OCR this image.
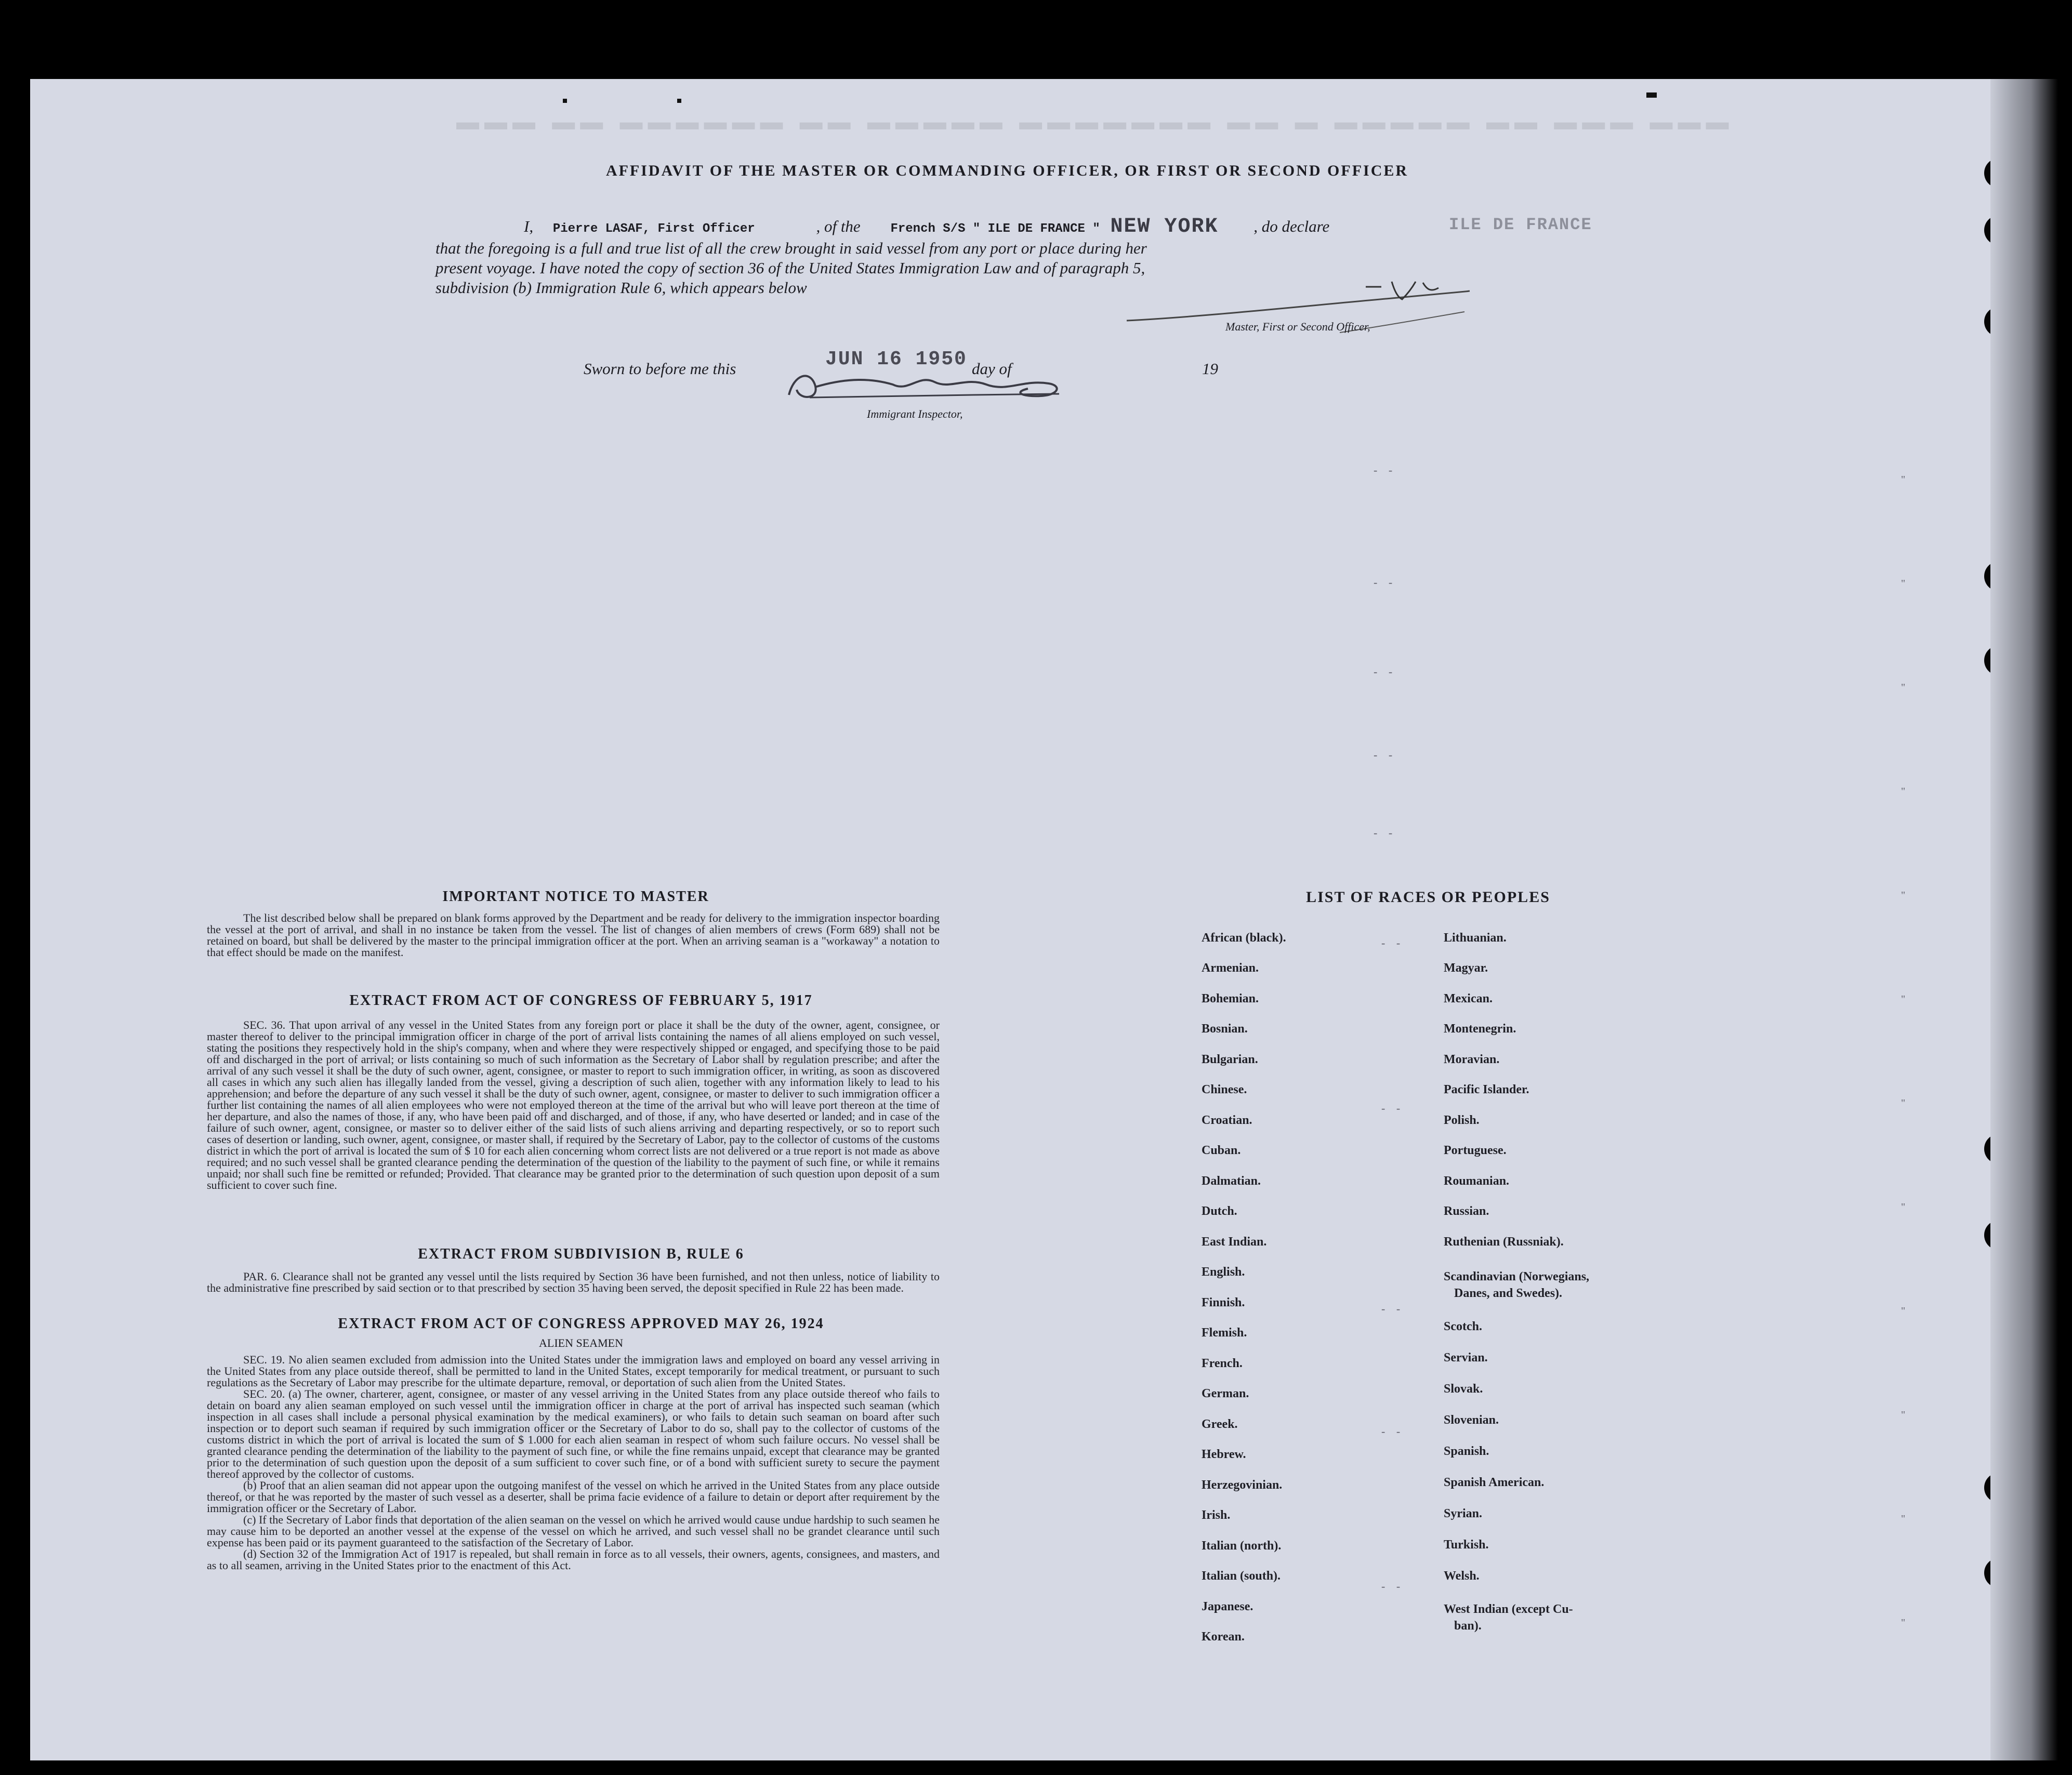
▬▬▬ ▬▬ ▬▬▬▬▬▬ ▬▬ ▬▬▬▬▬ ▬▬▬▬▬▬▬ ▬▬ ▬ ▬▬▬▬▬ ▬▬ ▬▬▬ ▬▬▬
AFFIDAVIT OF THE MASTER OR COMMANDING OFFICER, OR FIRST OR SECOND OFFICER
I, Pierre LASAF, First Officer	, of the French S/S " ILE DE FRANCE " NEW YORK , do declare	ILE DE FRANCE
that the foregoing is a full and true list of all the crew brought in said vessel from any port or place during her
present voyage. I have noted the copy of section 36 of the United States Immigration Law and of paragraph 5,
subdivision (b) Immigration Rule 6, which appears below
Master, First or Second Officer,
Sworn to before me this	JUN 16 1950 day of	19
Immigrant Inspector,
IMPORTANT NOTICE TO MASTER

The list described below shall be prepared on blank forms approved by the Department and be ready for delivery to the immigration inspector boarding the vessel at the port of arrival, and shall in no instance be taken from the vessel. The list of changes of alien members of crews (Form 689) shall not be retained on board, but shall be delivered by the master to the principal immigration officer at the port. When an arriving seaman is a "workaway" a notation to that effect should be made on the manifest.

EXTRACT FROM ACT OF CONGRESS OF FEBRUARY 5, 1917

SEC. 36. That upon arrival of any vessel in the United States from any foreign port or place it shall be the duty of the owner, agent, consignee, or master thereof to deliver to the principal immigration officer in charge of the port of arrival lists containing the names of all aliens employed on such vessel, stating the positions they respectively hold in the ship's company, when and where they were respectively shipped or engaged, and specifying those to be paid off and discharged in the port of arrival; or lists containing so much of such information as the Secretary of Labor shall by regulation prescribe; and after the arrival of any such vessel it shall be the duty of such owner, agent, consignee, or master to report to such immigration officer, in writing, as soon as discovered all cases in which any such alien has illegally landed from the vessel, giving a description of such alien, together with any information likely to lead to his apprehension; and before the departure of any such vessel it shall be the duty of such owner, agent, consignee, or master to deliver to such immigration officer a further list containing the names of all alien employees who were not employed thereon at the time of the arrival but who will leave port thereon at the time of her departure, and also the names of those, if any, who have been paid off and discharged, and of those, if any, who have deserted or landed; and in case of the failure of such owner, agent, consignee, or master so to deliver either of the said lists of such aliens arriving and departing respectively, or so to report such cases of desertion or landing, such owner, agent, consignee, or master shall, if required by the Secretary of Labor, pay to the collector of customs of the customs district in which the port of arrival is located the sum of $ 10 for each alien concerning whom correct lists are not delivered or a true report is not made as above required; and no such vessel shall be granted clearance pending the determination of the question of the liability to the payment of such fine, or while it remains unpaid; nor shall such fine be remitted or refunded; Provided. That clearance may be granted prior to the determination of such question upon deposit of a sum sufficient to cover such fine.

EXTRACT FROM SUBDIVISION B, RULE 6

PAR. 6. Clearance shall not be granted any vessel until the lists required by Section 36 have been furnished, and not then unless, notice of liability to the administrative fine prescribed by said section or to that prescribed by section 35 having been served, the deposit specified in Rule 22 has been made.

EXTRACT FROM ACT OF CONGRESS APPROVED MAY 26, 1924
ALIEN SEAMEN

SEC. 19. No alien seamen excluded from admission into the United States under the immigration laws and employed on board any vessel arriving in the United States from any place outside thereof, shall be permitted to land in the United States, except temporarily for medical treatment, or pursuant to such regulations as the Secretary of Labor may prescribe for the ultimate departure, removal, or deportation of such alien from the United States.

SEC. 20. (a) The owner, charterer, agent, consignee, or master of any vessel arriving in the United States from any place outside thereof who fails to detain on board any alien seaman employed on such vessel until the immigration officer in charge at the port of arrival has inspected such seaman (which inspection in all cases shall include a personal physical examination by the medical examiners), or who fails to detain such seaman on board after such inspection or to deport such seaman if required by such immigration officer or the Secretary of Labor to do so, shall pay to the collector of customs of the customs district in which the port of arrival is located the sum of $ 1.000 for each alien seaman in respect of whom such failure occurs. No vessel shall be granted clearance pending the determination of the liability to the payment of such fine, or while the fine remains unpaid, except that clearance may be granted prior to the determination of such question upon the deposit of a sum sufficient to cover such fine, or of a bond with sufficient surety to secure the payment thereof approved by the collector of customs.

(b) Proof that an alien seaman did not appear upon the outgoing manifest of the vessel on which he arrived in the United States from any place outside thereof, or that he was reported by the master of such vessel as a deserter, shall be prima facie evidence of a failure to detain or deport after requirement by the immigration officer or the Secretary of Labor.

(c) If the Secretary of Labor finds that deportation of the alien seaman on the vessel on which he arrived would cause undue hardship to such seamen he may cause him to be deported an another vessel at the expense of the vessel on which he arrived, and such vessel shall no be grandet clearance until such expense has been paid or its payment guaranteed to the satisfaction of the Secretary of Labor.

(d) Section 32 of the Immigration Act of 1917 is repealed, but shall remain in force as to all vessels, their owners, agents, consignees, and masters, and as to all seamen, arriving in the United States prior to the enactment of this Act.

LIST OF RACES OR PEOPLES
African (black).
Armenian.
Bohemian.
Bosnian.
Bulgarian.
Chinese.
Croatian.
Cuban.
Dalmatian.
Dutch.
East Indian.
English.
Finnish.
Flemish.
French.
German.
Greek.
Hebrew.
Herzegovinian.
Irish.
Italian (north).
Italian (south).
Japanese.
Korean.
Lithuanian.
Magyar.
Mexican.
Montenegrin.
Moravian.
Pacific Islander.
Polish.
Portuguese.
Roumanian.
Russian.
Ruthenian (Russniak).
Scandinavian (Norwegians,
Danes, and Swedes).
Scotch.
Servian.
Slovak.
Slovenian.
Spanish.
Spanish American.
Syrian.
Turkish.
Welsh.
West Indian (except Cu-
ban).
- -
- -
- -
- -
- -
- -
- -
- -
- -
- -
"
"
"
"
"
"
"
"
"
"
"
"
